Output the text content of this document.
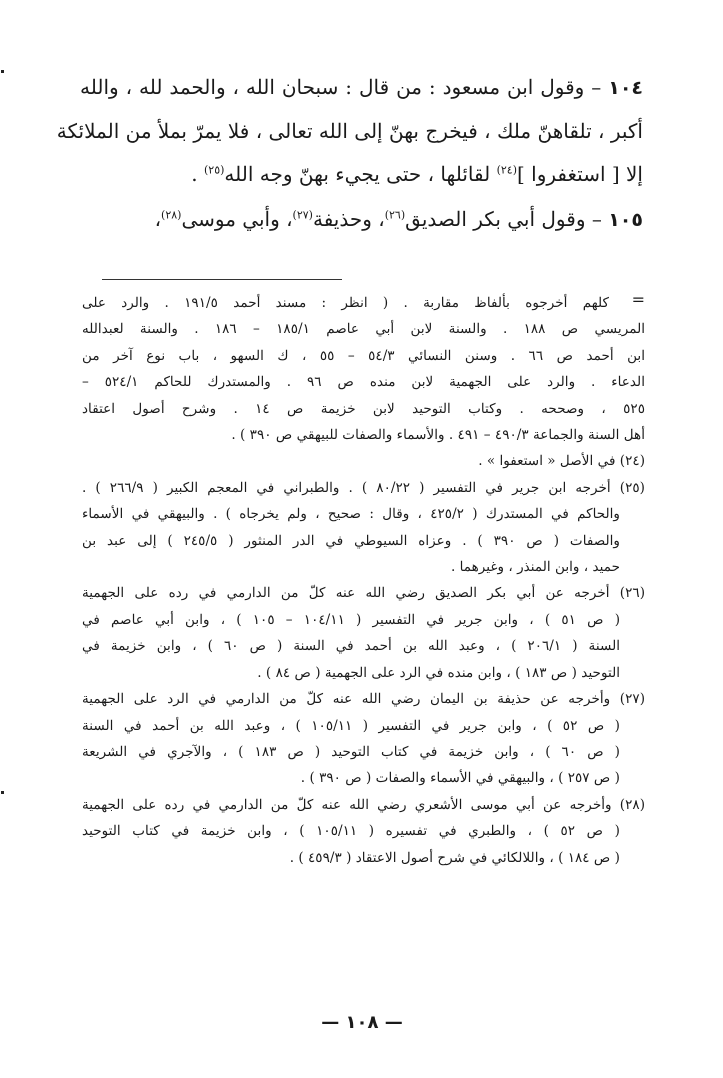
١٠٤ – وقول ابن مسعود : من قال : سبحان الله ، والحمد لله ، والله

أكبر ، تلقاهنّ ملك ، فيخرج بهنّ إلى الله تعالى ، فلا يمرّ بملأ من الملائكة

إلا [ استغفروا ]$^{(٢٤)}$ لقائلها ، حتى يجيء بهنّ وجه الله$^{(٢٥)}$ .

١٠٥ – وقول أبي بكر الصديق$^{(٢٦)}$، وحذيفة$^{(٢٧)}$، وأبي موسى$^{(٢٨)}$،

=

كلهم أخرجوه بألفاظ مقاربة . ( انظر : مسند أحمد ١٩١/٥ . والرد على

المريسي ص ١٨٨ . والسنة لابن أبي عاصم ١٨٥/١ – ١٨٦ . والسنة لعبدالله

ابن أحمد ص ٦٦ . وسنن النسائي ٥٤/٣ – ٥٥ ، ك السهو ، باب نوع آخر من

الدعاء . والرد على الجهمية لابن منده ص ٩٦ . والمستدرك للحاكم ٥٢٤/١ –

٥٢٥ ، وصححه . وكتاب التوحيد لابن خزيمة ص ١٤ . وشرح أصول اعتقاد

أهل السنة والجماعة ٤٩٠/٣ – ٤٩١ . والأسماء والصفات للبيهقي ص ٣٩٠ ) .

(٢٤) في الأصل « استعفوا » .

(٢٥) أخرجه ابن جرير في التفسير ( ٨٠/٢٢ ) . والطبراني في المعجم الكبير ( ٢٦٦/٩ ) .

والحاكم في المستدرك ( ٤٢٥/٢ ، وقال : صحيح ، ولم يخرجاه ) . والبيهقي في الأسماء

والصفات ( ص ٣٩٠ ) . وعزاه السيوطي في الدر المنثور ( ٢٤٥/٥ ) إلى عبد بن

حميد ، وابن المنذر ، وغيرهما .

(٢٦) أخرجه عن أبي بكر الصديق رضي الله عنه كلّ من الدارمي في رده على الجهمية

( ص ٥١ ) ، وابن جرير في التفسير ( ١٠٤/١١ – ١٠٥ ) ، وابن أبي عاصم في

السنة ( ٢٠٦/١ ) ، وعبد الله بن أحمد في السنة ( ص ٦٠ ) ، وابن خزيمة في

التوحيد ( ص ١٨٣ ) ، وابن منده في الرد على الجهمية ( ص ٨٤ ) .

(٢٧) وأخرجه عن حذيفة بن اليمان رضي الله عنه كلّ من الدارمي في الرد على الجهمية

( ص ٥٢ ) ، وابن جرير في التفسير ( ١٠٥/١١ ) ، وعبد الله بن أحمد في السنة

( ص ٦٠ ) ، وابن خزيمة في كتاب التوحيد ( ص ١٨٣ ) ، والآجري في الشريعة

( ص ٢٥٧ ) ، والبيهقي في الأسماء والصفات ( ص ٣٩٠ ) .

(٢٨) وأخرجه عن أبي موسى الأشعري رضي الله عنه كلّ من الدارمي في رده على الجهمية

( ص ٥٢ ) ، والطبري في تفسيره ( ١٠٥/١١ ) ، وابن خزيمة في كتاب التوحيد

( ص ١٨٤ ) ، واللالكائي في شرح أصول الاعتقاد ( ٤٥٩/٣ ) .

— ١٠٨ —
